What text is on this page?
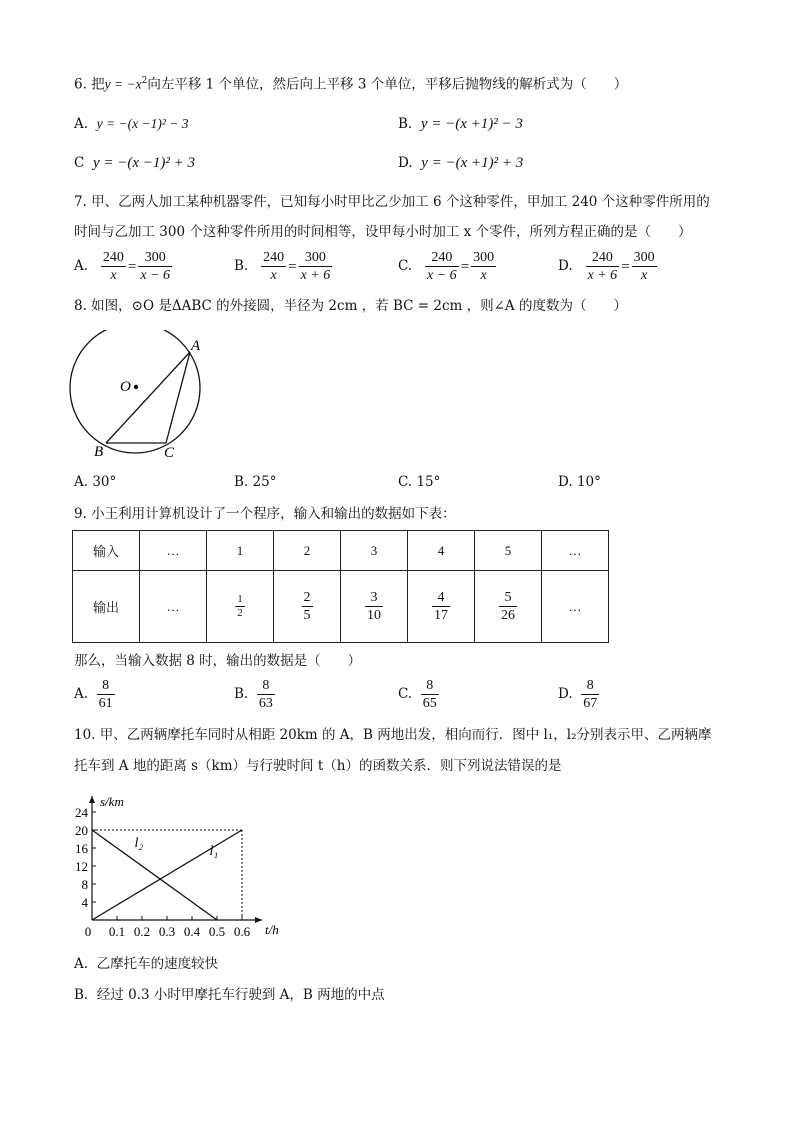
6. 把$y = -x^2$向左平移 1 个单位，然后向上平移 3 个单位，平移后抛物线的解析式为（　　）
A. y = −(x −1)² − 3	B. y = −(x +1)² − 3
C y = −(x −1)² + 3	D. y = −(x +1)² + 3
7. 甲、乙两人加工某种机器零件，已知每小时甲比乙少加工 6 个这种零件，甲加工 240 个这种零件所用的
时间与乙加工 300 个这种零件所用的时间相等，设甲每小时加工 x 个零件，所列方程正确的是（　　）
A. $\frac{240}{x} = \frac{300}{x - 6}$	B. $\frac{240}{x} = \frac{300}{x + 6}$	C. $\frac{240}{x - 6} = \frac{300}{x}$	D. $\frac{240}{x + 6} = \frac{300}{x}$
8. 如图，⊙O 是ΔABC 的外接圆，半径为 2cm ，若 BC = 2cm ，则∠A 的度数为（　　）
O
A
B	C
A. 30°	B. 25°	C. 15°	D. 10°
9. 小王利用计算机设计了一个程序，输入和输出的数据如下表：
输入	…	1	2	3	4	5	…
输出	…	$\frac{1}{2}$	$\frac{2}{5}$	$\frac{3}{10}$	$\frac{4}{17}$	$\frac{5}{26}$	…
那么，当输入数据 8 时，输出的数据是（　　）
A. $\frac{8}{61}$	B. $\frac{8}{63}$	C. $\frac{8}{65}$	D. $\frac{8}{67}$
10. 甲、乙两辆摩托车同时从相距 20km 的 A，B 两地出发，相向而行．图中 l₁，l₂分别表示甲、乙两辆摩
托车到 A 地的距离 s（km）与行驶时间 t（h）的函数关系．则下列说法错误的是
s/km
t/h
4
8
12
16
20
24
0 0.1 0.2 0.3 0.4 0.5 0.6
l₁
l₂
A. 乙摩托车的速度较快
B. 经过 0.3 小时甲摩托车行驶到 A，B 两地的中点
